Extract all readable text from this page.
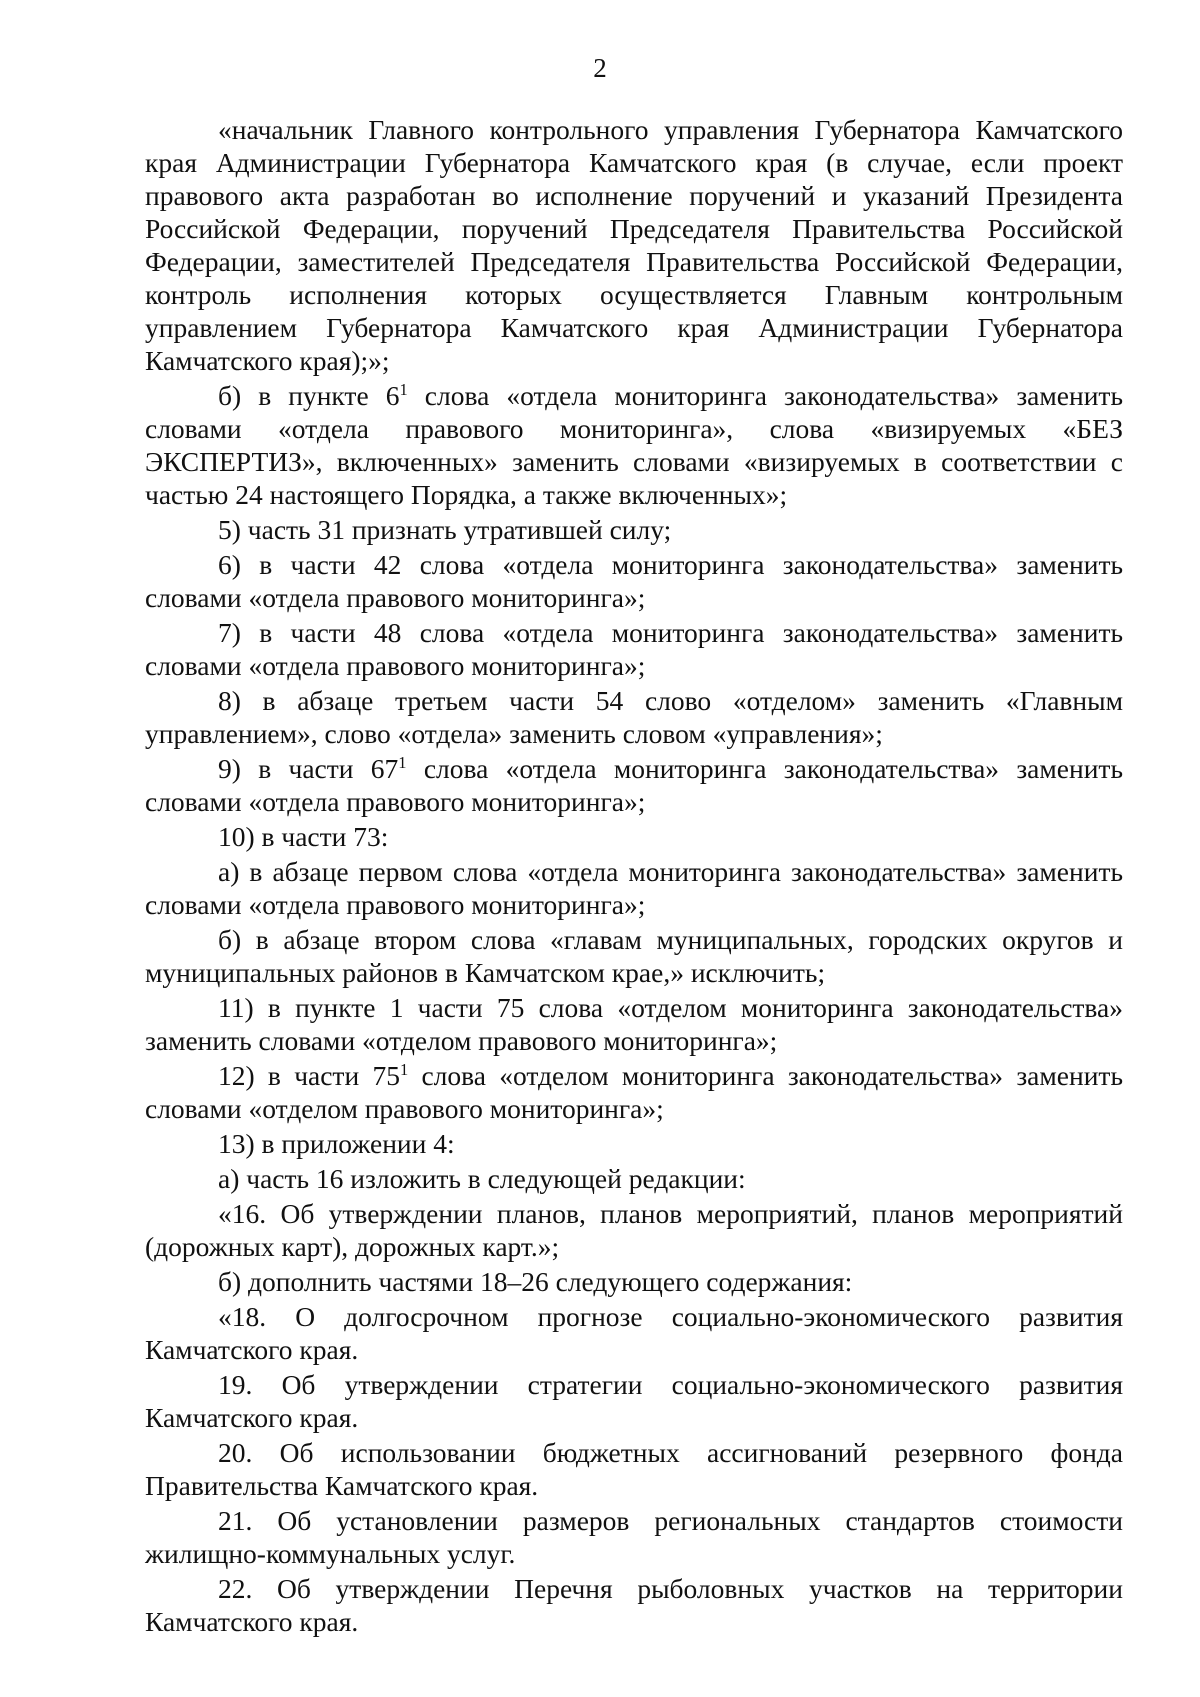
2

«начальник Главного контрольного управления Губернатора Камчатского края Администрации Губернатора Камчатского края (в случае, если проект правового акта разработан во исполнение поручений и указаний Президента Российской Федерации, поручений Председателя Правительства Российской Федерации, заместителей Председателя Правительства Российской Федерации, контроль исполнения которых осуществляется Главным контрольным управлением Губернатора Камчатского края Администрации Губернатора Камчатского края);»;

б) в пункте $6^1$ слова «отдела мониторинга законодательства» заменить словами «отдела правового мониторинга», слова «визируемых «БЕЗ ЭКСПЕРТИЗ», включенных» заменить словами «визируемых в соответствии с частью 24 настоящего Порядка, а также включенных»;

5) часть 31 признать утратившей силу;

6) в части 42 слова «отдела мониторинга законодательства» заменить словами «отдела правового мониторинга»;

7) в части 48 слова «отдела мониторинга законодательства» заменить словами «отдела правового мониторинга»;

8) в абзаце третьем части 54 слово «отделом» заменить «Главным управлением», слово «отдела» заменить словом «управления»;

9) в части $67^1$ слова «отдела мониторинга законодательства» заменить словами «отдела правового мониторинга»;

10) в части 73:

а) в абзаце первом слова «отдела мониторинга законодательства» заменить словами «отдела правового мониторинга»;

б) в абзаце втором слова «главам муниципальных, городских округов и муниципальных районов в Камчатском крае,» исключить;

11) в пункте 1 части 75 слова «отделом мониторинга законодательства» заменить словами «отделом правового мониторинга»;

12) в части $75^1$ слова «отделом мониторинга законодательства» заменить словами «отделом правового мониторинга»;

13) в приложении 4:

а) часть 16 изложить в следующей редакции:

«16. Об утверждении планов, планов мероприятий, планов мероприятий (дорожных карт), дорожных карт.»;

б) дополнить частями 18–26 следующего содержания:

«18. О долгосрочном прогнозе социально-экономического развития Камчатского края.

19. Об утверждении стратегии социально-экономического развития Камчатского края.

20. Об использовании бюджетных ассигнований резервного фонда Правительства Камчатского края.

21. Об установлении размеров региональных стандартов стоимости жилищно-коммунальных услуг.

22. Об утверждении Перечня рыболовных участков на территории Камчатского края.
